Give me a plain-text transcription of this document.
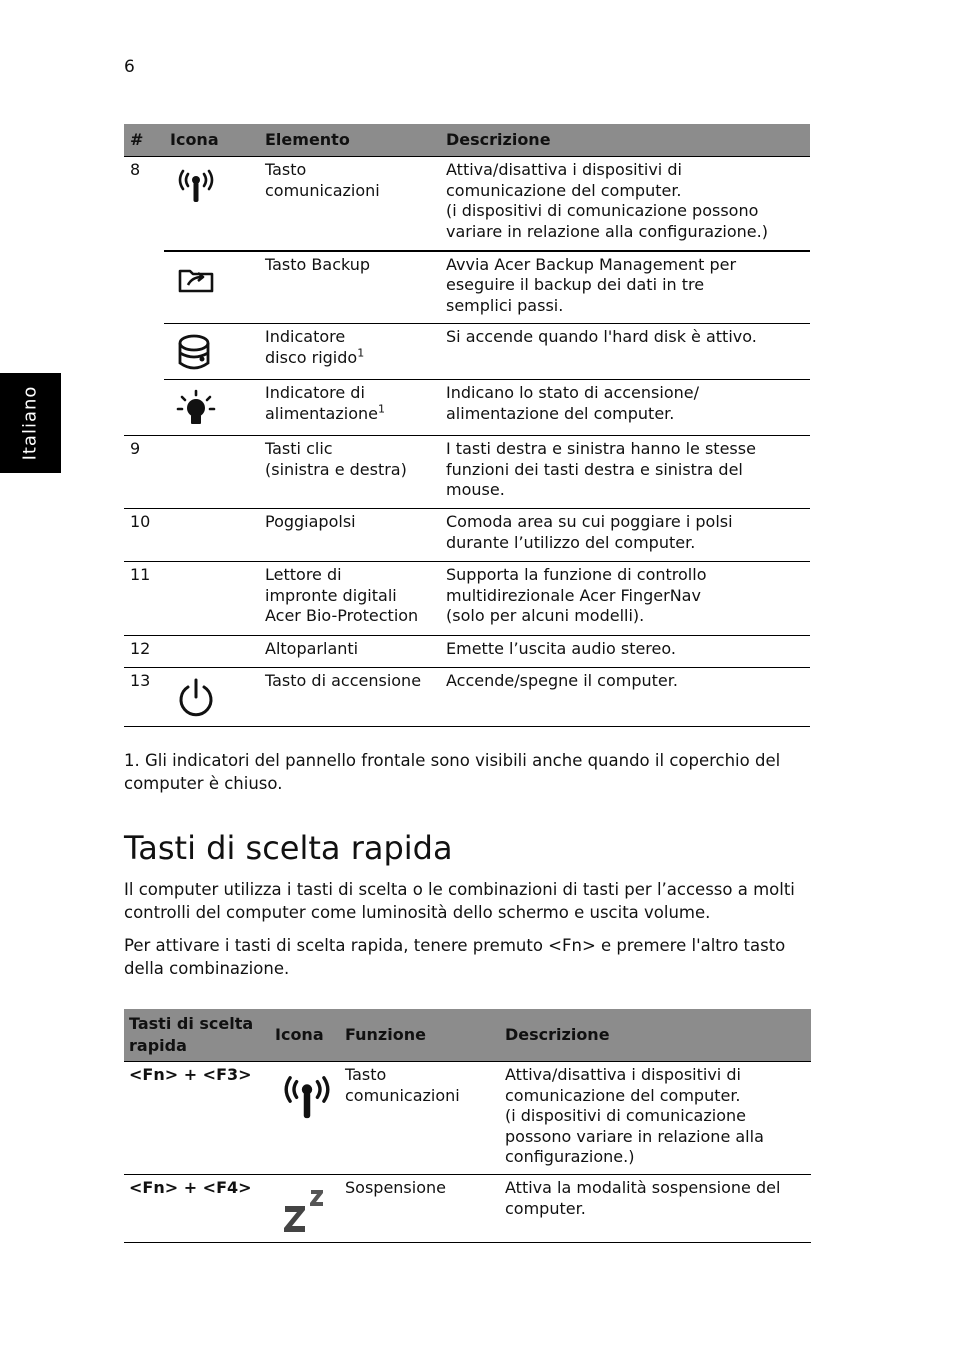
6
Italiano
#	Icona	Elemento	Descrizione
8		Tasto
comunicazioni	Attiva/disattiva i dispositivi di
comunicazione del computer.
(i dispositivi di comunicazione possono
variare in relazione alla configurazione.)

	Tasto Backup	Avvia Acer Backup Management per
eseguire il backup dei dati in tre
semplici passi.

	Indicatore
disco rigido$^1$	Si accende quando l'hard disk è attivo.

	Indicatore di
alimentazione$^1$	Indicano lo stato di accensione/
alimentazione del computer.
9		Tasti clic
(sinistra e destra)	I tasti destra e sinistra hanno le stesse
funzioni dei tasti destra e sinistra del
mouse.
10		Poggiapolsi	Comoda area su cui poggiare i polsi
durante l’utilizzo del computer.
11		Lettore di
impronte digitali
Acer Bio-Protection	Supporta la funzione di controllo
multidirezionale Acer FingerNav
(solo per alcuni modelli).
12		Altoparlanti	Emette l’uscita audio stereo.
13		Tasto di accensione	Accende/spegne il computer.
1. Gli indicatori del pannello frontale sono visibili anche quando il coperchio del computer è chiuso.
Tasti di scelta rapida

Il computer utilizza i tasti di scelta o le combinazioni di tasti per l’accesso a molti controlli del computer come luminosità dello schermo e uscita volume.

Per attivare i tasti di scelta rapida, tenere premuto <Fn> e premere l'altro tasto della combinazione.

Tasti di scelta
rapida	Icona	Funzione	Descrizione
<Fn> + <F3>		Tasto
comunicazioni	Attiva/disattiva i dispositivi di
comunicazione del computer.
(i dispositivi di comunicazione
possono variare in relazione alla
configurazione.)
<Fn> + <F4>		Sospensione	Attiva la modalità sospensione del
computer.
